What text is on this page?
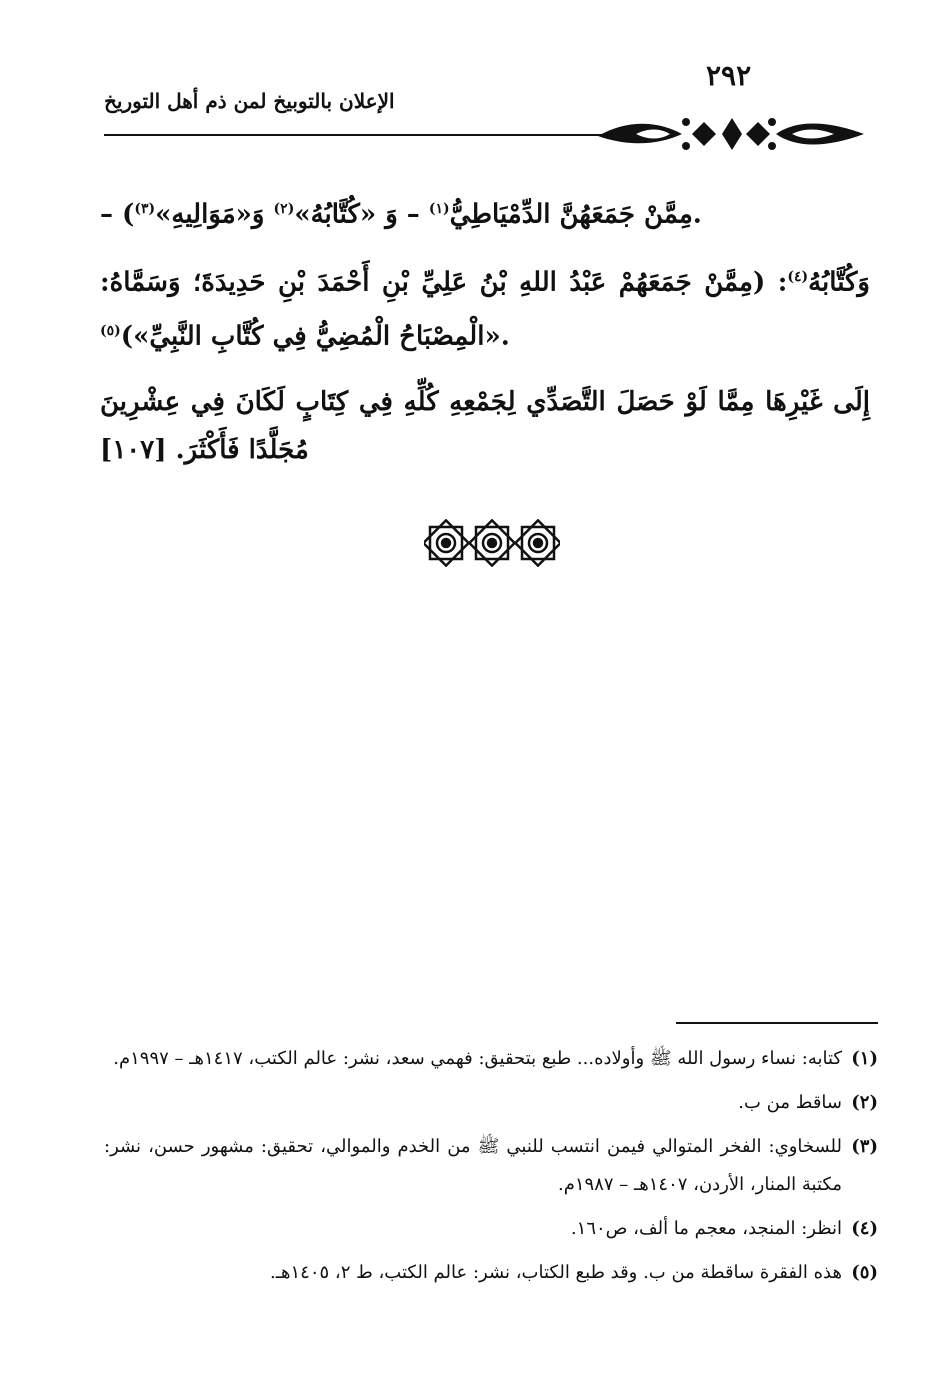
٢٩٢
الإعلان بالتوبيخ لمن ذم أهل التوريخ

– (مِمَّنْ جَمَعَهُنَّ الدِّمْيَاطِيُّ$^{(١)}$ – وَ «كُتَّابُهُ»$^{(٢)}$ وَ«مَوَالِيهِ»$^{(٣)}$	.

وَكُتَّابُهُ$^{(٤)}$: (مِمَّنْ جَمَعَهُمْ عَبْدُ اللهِ بْنُ عَلِيِّ بْنِ أَحْمَدَ بْنِ حَدِيدَةَ؛ وَسَمَّاهُ: «الْمِصْبَاحُ الْمُضِيُّ فِي كُتَّابِ النَّبِيِّ»)$^{(٥)}$	.

إِلَى غَيْرِهَا مِمَّا لَوْ حَصَلَ التَّصَدِّي لِجَمْعِهِ كُلِّهِ فِي كِتَابٍ لَكَانَ فِي عِشْرِينَ مُجَلَّدًا فَأَكْثَرَ. [١٠٧]

(١)
كتابه: نساء رسول الله ﷺ وأولاده... طبع بتحقيق: فهمي سعد، نشر: عالم الكتب، ١٤١٧هـ – ١٩٩٧م.

(٢)
ساقط من ب.

(٣)
للسخاوي: الفخر المتوالي فيمن انتسب للنبي ﷺ من الخدم والموالي، تحقيق: مشهور حسن، نشر: مكتبة المنار، الأردن، ١٤٠٧هـ – ١٩٨٧م.

(٤)
انظر: المنجد، معجم ما ألف، ص١٦٠.

(٥)
هذه الفقرة ساقطة من ب. وقد طبع الكتاب، نشر: عالم الكتب، ط ٢، ١٤٠٥هـ.
